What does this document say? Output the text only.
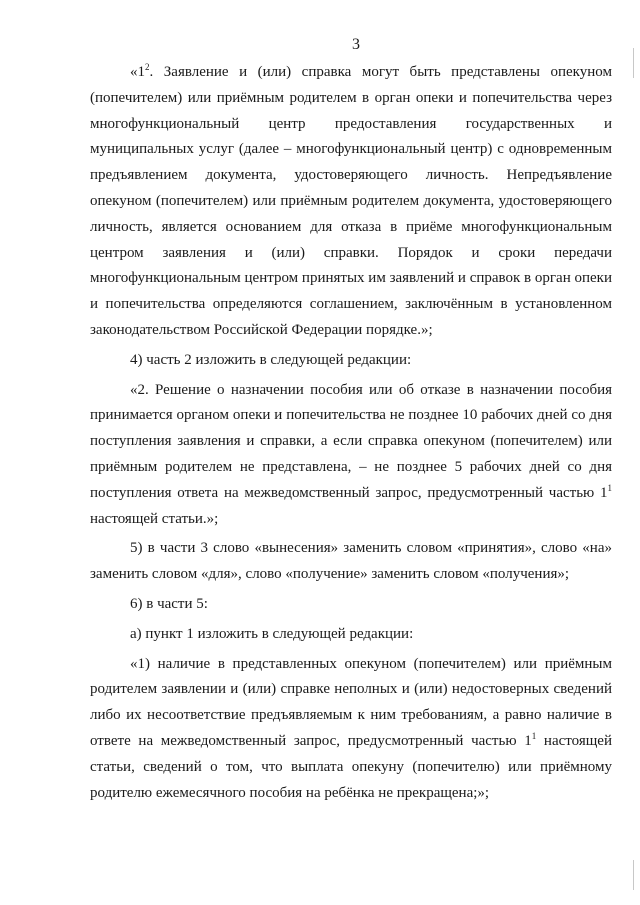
3

«$1^2$. Заявление и (или) справка могут быть представлены опекуном (попечителем) или приёмным родителем в орган опеки и попечительства через многофункциональный центр предоставления государственных и муниципальных услуг (далее – многофункциональный центр) с одновременным предъявлением документа, удостоверяющего личность. Непредъявление опекуном (попечителем) или приёмным родителем документа, удостоверяющего личность, является основанием для отказа в приёме многофункциональным центром заявления и (или) справки. Порядок и сроки передачи многофункциональным центром принятых им заявлений и справок в орган опеки и попечительства определяются соглашением, заключённым в установленном законодательством Российской Федерации порядке.»;

4) часть 2 изложить в следующей редакции:

«2. Решение о назначении пособия или об отказе в назначении пособия принимается органом опеки и попечительства не позднее 10 рабочих дней со дня поступления заявления и справки, а если справка опекуном (попечителем) или приёмным родителем не представлена, – не позднее 5 рабочих дней со дня поступления ответа на межведомственный запрос, предусмотренный частью $1^1$ настоящей статьи.»;

5) в части 3 слово «вынесения» заменить словом «принятия», слово «на» заменить словом «для», слово «получение» заменить словом «получения»;

6) в части 5:

а) пункт 1 изложить в следующей редакции:

«1) наличие в представленных опекуном (попечителем) или приёмным родителем заявлении и (или) справке неполных и (или) недостоверных сведений либо их несоответствие предъявляемым к ним требованиям, а равно наличие в ответе на межведомственный запрос, предусмотренный частью $1^1$ настоящей статьи, сведений о том, что выплата опекуну (попечителю) или приёмному родителю ежемесячного пособия на ребёнка не прекращена;»;
